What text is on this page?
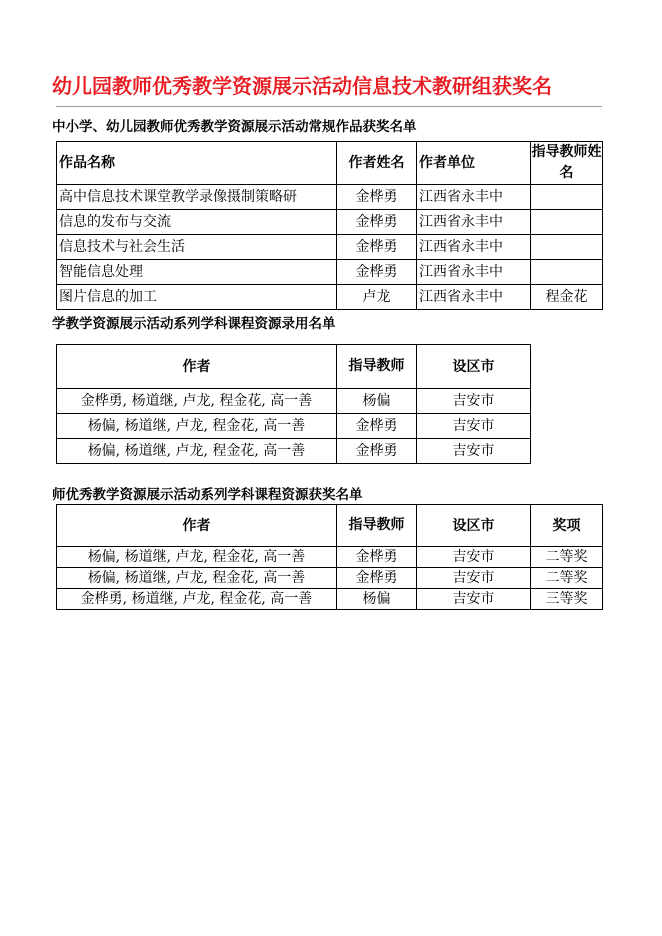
幼儿园教师优秀教学资源展示活动信息技术教研组获奖名
中小学、幼儿园教师优秀教学资源展示活动常规作品获奖名单
作品名称	作者姓名	作者单位	指导教师姓名
高中信息技术课堂教学录像摄制策略研	金桦勇	江西省永丰中	
信息的发布与交流	金桦勇	江西省永丰中	
信息技术与社会生活	金桦勇	江西省永丰中	
智能信息处理	金桦勇	江西省永丰中	
图片信息的加工	卢龙	江西省永丰中	程金花
学教学资源展示活动系列学科课程资源录用名单
作者	指导教师	设区市
金桦勇, 杨道继, 卢龙, 程金花, 高一善	杨偏	吉安市
杨偏, 杨道继, 卢龙, 程金花, 高一善	金桦勇	吉安市
杨偏, 杨道继, 卢龙, 程金花, 高一善	金桦勇	吉安市
师优秀教学资源展示活动系列学科课程资源获奖名单
作者	指导教师	设区市	奖项
杨偏, 杨道继, 卢龙, 程金花, 高一善	金桦勇	吉安市	二等奖
杨偏, 杨道继, 卢龙, 程金花, 高一善	金桦勇	吉安市	二等奖
金桦勇, 杨道继, 卢龙, 程金花, 高一善	杨偏	吉安市	三等奖
